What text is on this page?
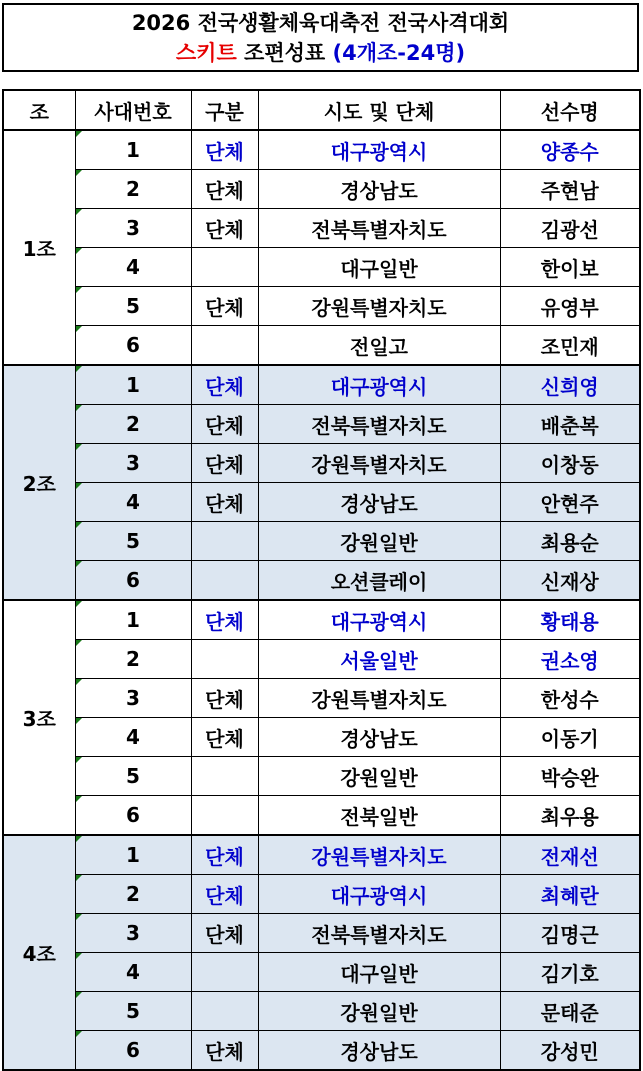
2026 전국생활체육대축전 전국사격대회
스키트 조편성표 (4개조-24명)
조	사대번호	구분	시도 및 단체	선수명
1조	1	단체	대구광역시	양종수

2	단체	경상남도	주현남

3	단체	전북특별자치도	김광선

4		대구일반	한이보

5	단체	강원특별자치도	유영부

6		전일고	조민재
2조	1	단체	대구광역시	신희영

2	단체	전북특별자치도	배춘복

3	단체	강원특별자치도	이창동

4	단체	경상남도	안현주

5		강원일반	최용순

6		오션클레이	신재상
3조	1	단체	대구광역시	황태용

2		서울일반	권소영

3	단체	강원특별자치도	한성수

4	단체	경상남도	이동기

5		강원일반	박승완

6		전북일반	최우용
4조	1	단체	강원특별자치도	전재선

2	단체	대구광역시	최혜란

3	단체	전북특별자치도	김명근

4		대구일반	김기호

5		강원일반	문태준

6	단체	경상남도	강성민
